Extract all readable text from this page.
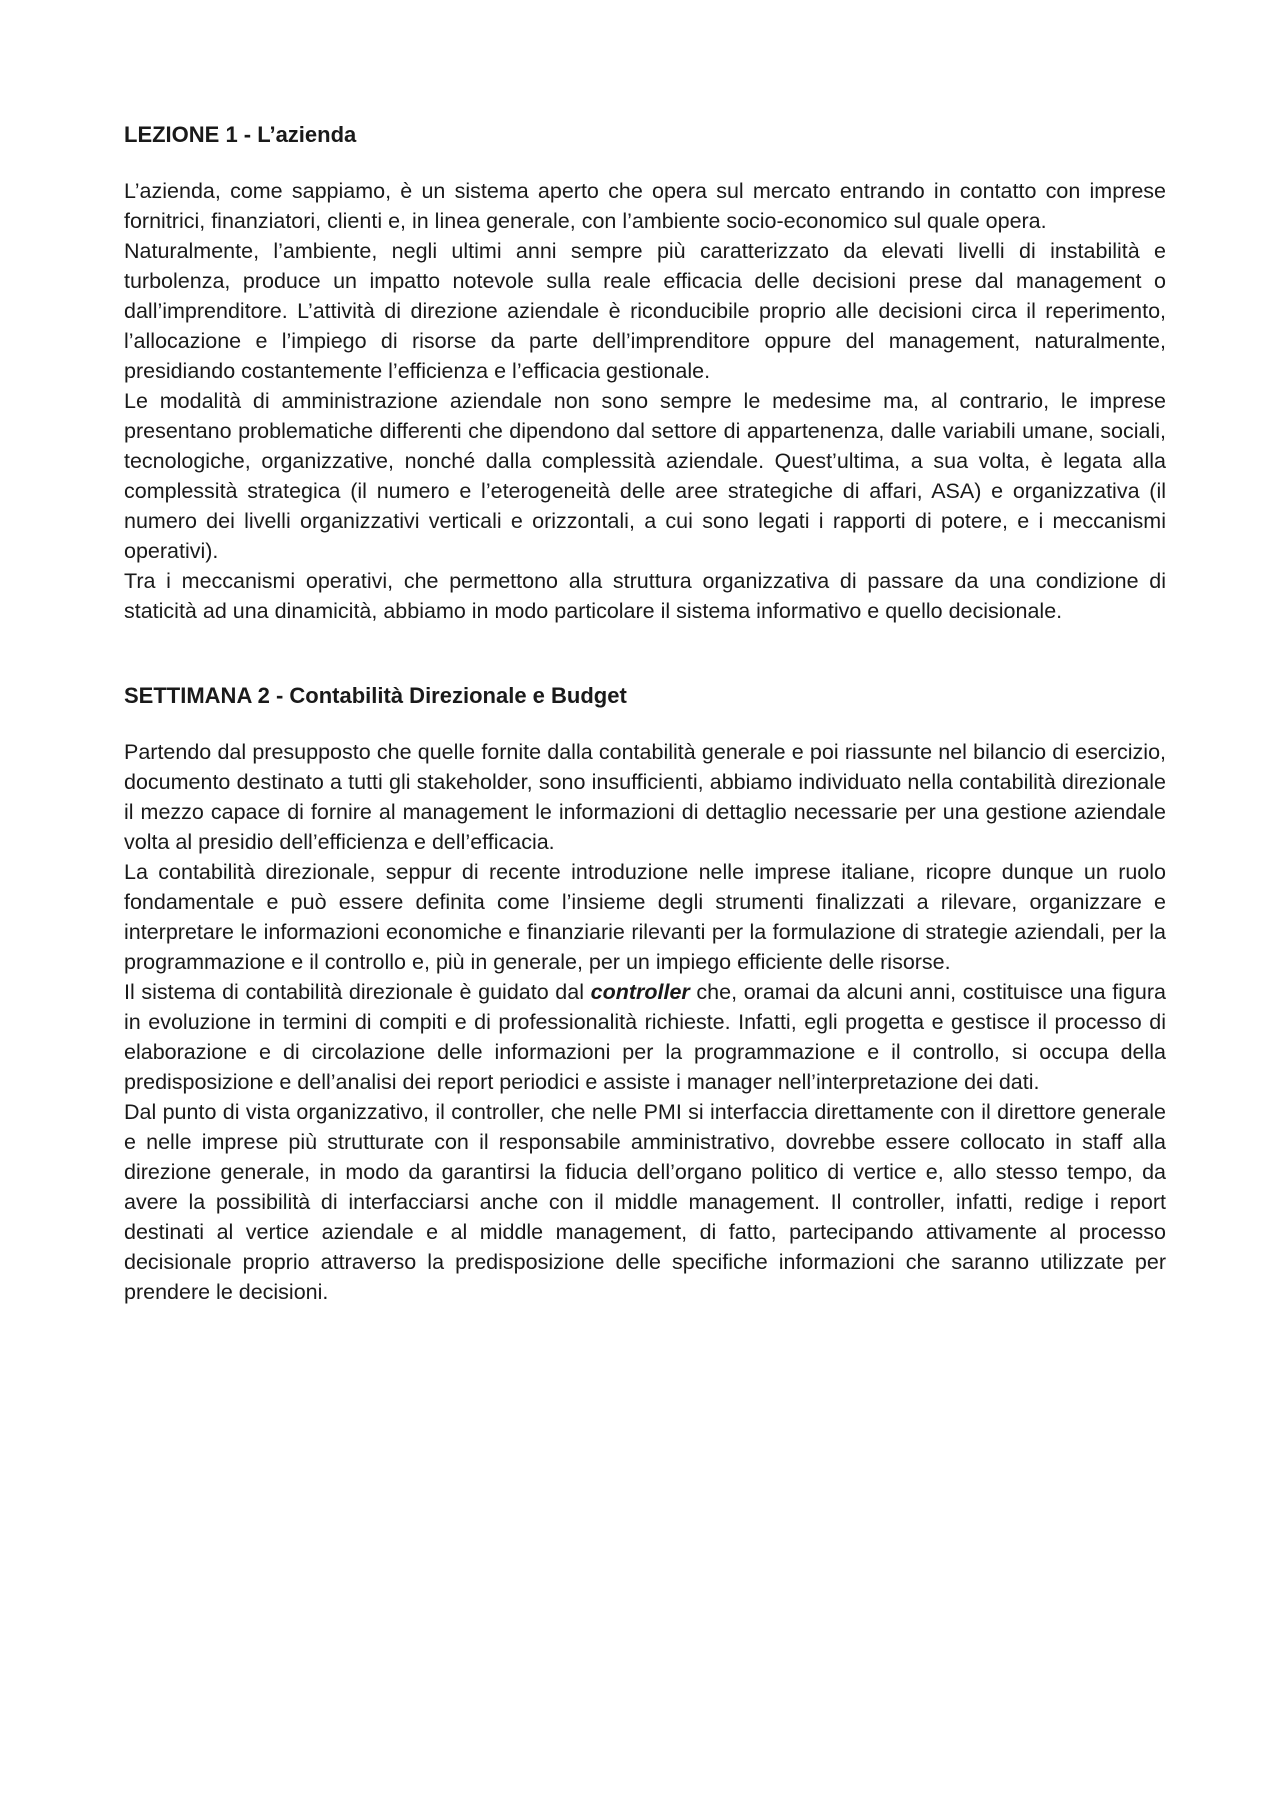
LEZIONE 1 - L’azienda

L’azienda, come sappiamo, è un sistema aperto che opera sul mercato entrando in contatto con imprese fornitrici, finanziatori, clienti e, in linea generale, con l’ambiente socio-economico sul quale opera.

Naturalmente, l’ambiente, negli ultimi anni sempre più caratterizzato da elevati livelli di instabilità e turbolenza, produce un impatto notevole sulla reale efficacia delle decisioni prese dal management o dall’imprenditore. L’attività di direzione aziendale è riconducibile proprio alle decisioni circa il reperimento, l’allocazione e l’impiego di risorse da parte dell’imprenditore oppure del management, naturalmente, presidiando costantemente l’efficienza e l’efficacia gestionale.

Le modalità di amministrazione aziendale non sono sempre le medesime ma, al contrario, le imprese presentano problematiche differenti che dipendono dal settore di appartenenza, dalle variabili umane, sociali, tecnologiche, organizzative, nonché dalla complessità aziendale. Quest’ultima, a sua volta, è legata alla complessità strategica (il numero e l’eterogeneità delle aree strategiche di affari, ASA) e organizzativa (il numero dei livelli organizzativi verticali e orizzontali, a cui sono legati i rapporti di potere, e i meccanismi operativi).

Tra i meccanismi operativi, che permettono alla struttura organizzativa di passare da una condizione di staticità ad una dinamicità, abbiamo in modo particolare il sistema informativo e quello decisionale.

SETTIMANA 2 - Contabilità Direzionale e Budget

Partendo dal presupposto che quelle fornite dalla contabilità generale e poi riassunte nel bilancio di esercizio, documento destinato a tutti gli stakeholder, sono insufficienti, abbiamo individuato nella contabilità direzionale il mezzo capace di fornire al management le informazioni di dettaglio necessarie per una gestione aziendale volta al presidio dell’efficienza e dell’efficacia.

La contabilità direzionale, seppur di recente introduzione nelle imprese italiane, ricopre dunque un ruolo fondamentale e può essere definita come l’insieme degli strumenti finalizzati a rilevare, organizzare e interpretare le informazioni economiche e finanziarie rilevanti per la formulazione di strategie aziendali, per la programmazione e il controllo e, più in generale, per un impiego efficiente delle risorse.

Il sistema di contabilità direzionale è guidato dal controller che, oramai da alcuni anni, costituisce una figura in evoluzione in termini di compiti e di professionalità richieste. Infatti, egli progetta e gestisce il processo di elaborazione e di circolazione delle informazioni per la programmazione e il controllo, si occupa della predisposizione e dell’analisi dei report periodici e assiste i manager nell’interpretazione dei dati.

Dal punto di vista organizzativo, il controller, che nelle PMI si interfaccia direttamente con il direttore generale e nelle imprese più strutturate con il responsabile amministrativo, dovrebbe essere collocato in staff alla direzione generale, in modo da garantirsi la fiducia dell’organo politico di vertice e, allo stesso tempo, da avere la possibilità di interfacciarsi anche con il middle management. Il controller, infatti, redige i report destinati al vertice aziendale e al middle management, di fatto, partecipando attivamente al processo decisionale proprio attraverso la predisposizione delle specifiche informazioni che saranno utilizzate per prendere le decisioni.
